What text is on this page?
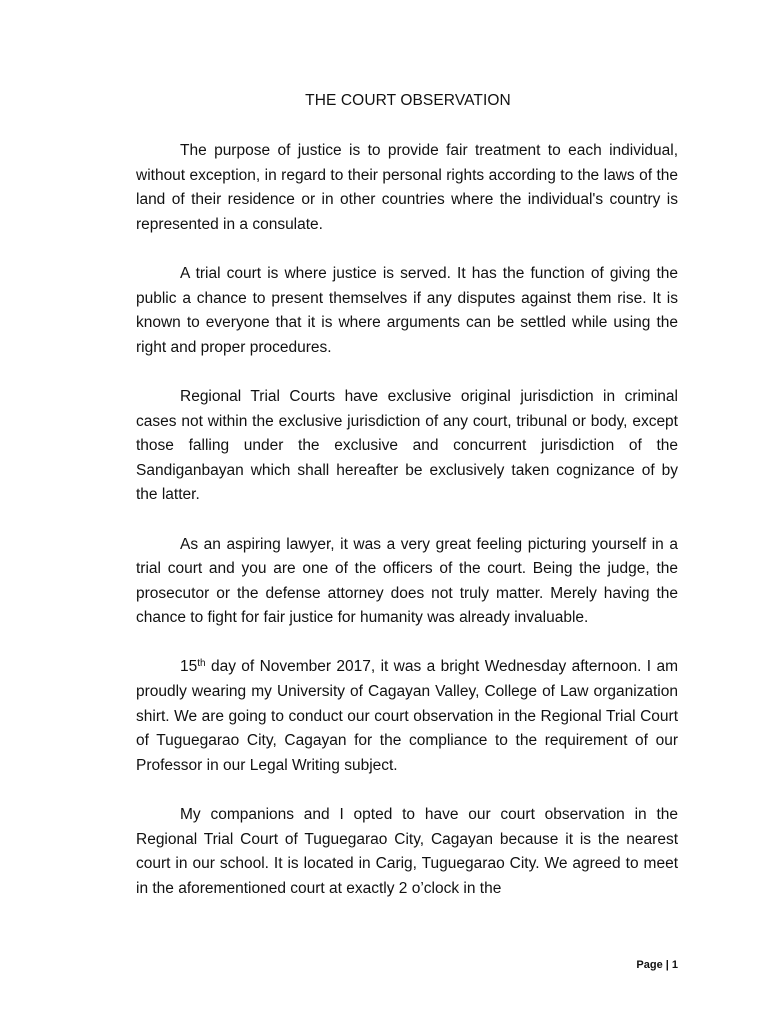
THE COURT OBSERVATION

The purpose of justice is to provide fair treatment to each individual, without exception, in regard to their personal rights according to the laws of the land of their residence or in other countries where the individual's country is represented in a consulate.

A trial court is where justice is served. It has the function of giving the public a chance to present themselves if any disputes against them rise. It is known to everyone that it is where arguments can be settled while using the right and proper procedures.

Regional Trial Courts have exclusive original jurisdiction in criminal cases not within the exclusive jurisdiction of any court, tribunal or body, except those falling under the exclusive and concurrent jurisdiction of the Sandiganbayan which shall hereafter be exclusively taken cognizance of by the latter.

As an aspiring lawyer, it was a very great feeling picturing yourself in a trial court and you are one of the officers of the court. Being the judge, the prosecutor or the defense attorney does not truly matter. Merely having the chance to fight for fair justice for humanity was already invaluable.

15th day of November 2017, it was a bright Wednesday afternoon. I am proudly wearing my University of Cagayan Valley, College of Law organization shirt. We are going to conduct our court observation in the Regional Trial Court of Tuguegarao City, Cagayan for the compliance to the requirement of our Professor in our Legal Writing subject.

My companions and I opted to have our court observation in the Regional Trial Court of Tuguegarao City, Cagayan because it is the nearest court in our school. It is located in Carig, Tuguegarao City. We agreed to meet in the aforementioned court at exactly 2 o’clock in the

Page | 1
